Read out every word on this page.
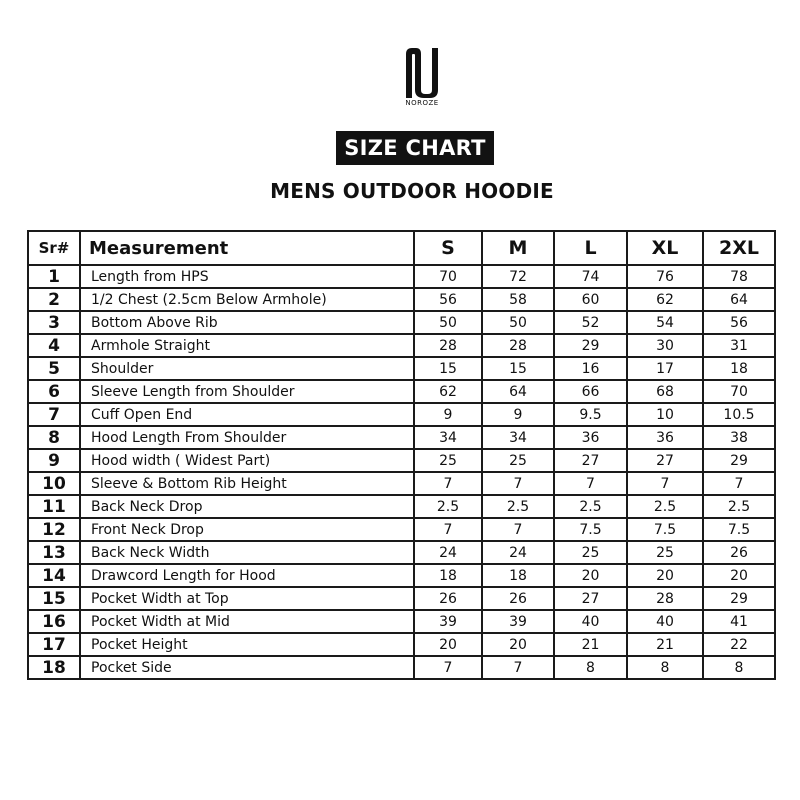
NOROZE
SIZE CHART
MENS OUTDOOR HOODIE
Sr#	Measurement	S	M	L	XL	2XL
1	Length from HPS	70	72	74	76	78
2	1/2 Chest (2.5cm Below Armhole)	56	58	60	62	64
3	Bottom Above Rib	50	50	52	54	56
4	Armhole Straight	28	28	29	30	31
5	Shoulder	15	15	16	17	18
6	Sleeve Length from Shoulder	62	64	66	68	70
7	Cuff Open End	9	9	9.5	10	10.5
8	Hood Length From Shoulder	34	34	36	36	38
9	Hood width ( Widest Part)	25	25	27	27	29
10	Sleeve & Bottom Rib Height	7	7	7	7	7
11	Back Neck Drop	2.5	2.5	2.5	2.5	2.5
12	Front Neck Drop	7	7	7.5	7.5	7.5
13	Back Neck Width	24	24	25	25	26
14	Drawcord Length for Hood	18	18	20	20	20
15	Pocket Width at Top	26	26	27	28	29
16	Pocket Width at Mid	39	39	40	40	41
17	Pocket Height	20	20	21	21	22
18	Pocket Side	7	7	8	8	8
